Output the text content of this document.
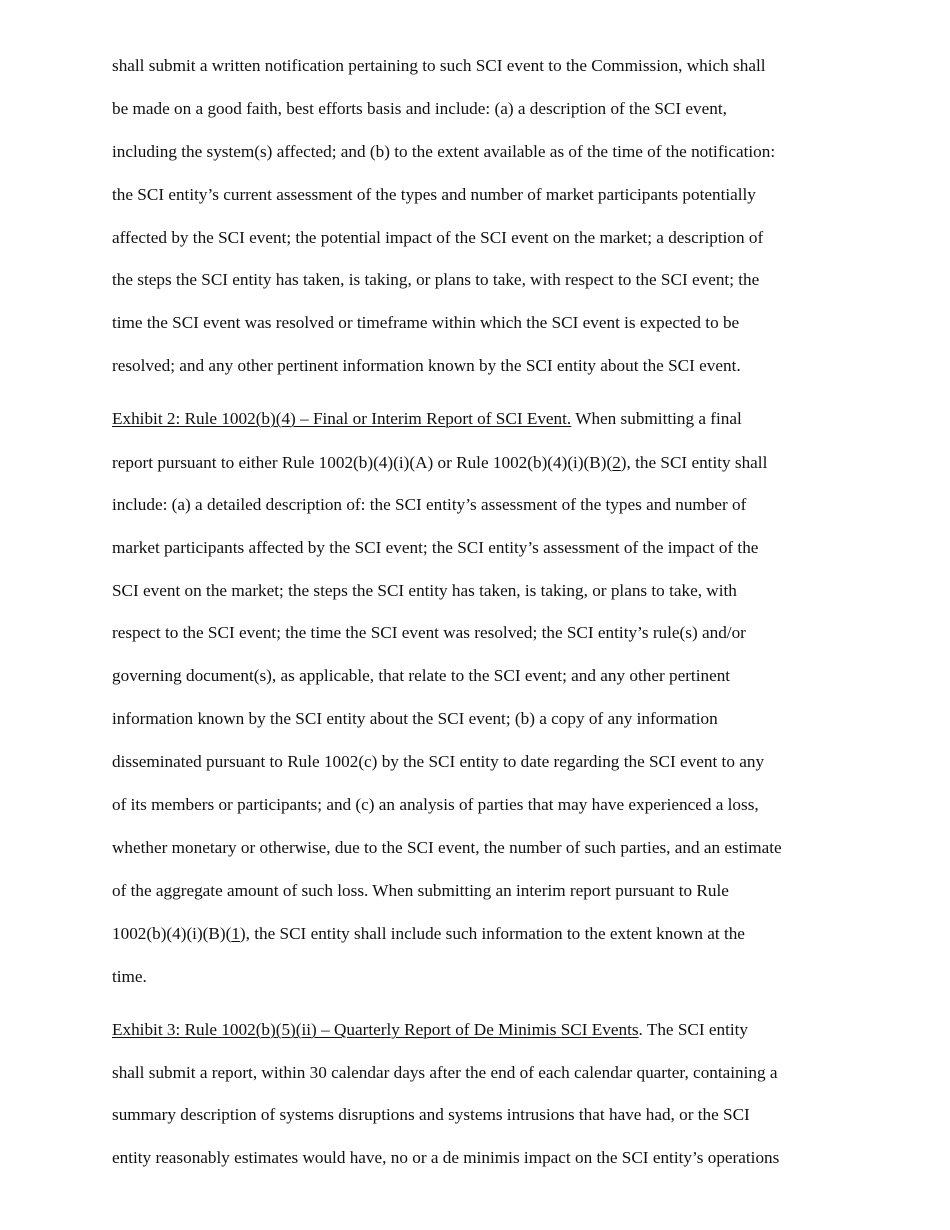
shall submit a written notification pertaining to such SCI event to the Commission, which shall
be made on a good faith, best efforts basis and include: (a) a description of the SCI event,
including the system(s) affected; and (b) to the extent available as of the time of the notification:
the SCI entity’s current assessment of the types and number of market participants potentially
affected by the SCI event; the potential impact of the SCI event on the market; a description of
the steps the SCI entity has taken, is taking, or plans to take, with respect to the SCI event; the
time the SCI event was resolved or timeframe within which the SCI event is expected to be
resolved; and any other pertinent information known by the SCI entity about the SCI event.
Exhibit 2: Rule 1002(b)(4) – Final or Interim Report of SCI Event. When submitting a final
report pursuant to either Rule 1002(b)(4)(i)(A) or Rule 1002(b)(4)(i)(B)(2), the SCI entity shall
include: (a) a detailed description of: the SCI entity’s assessment of the types and number of
market participants affected by the SCI event; the SCI entity’s assessment of the impact of the
SCI event on the market; the steps the SCI entity has taken, is taking, or plans to take, with
respect to the SCI event; the time the SCI event was resolved; the SCI entity’s rule(s) and/or
governing document(s), as applicable, that relate to the SCI event; and any other pertinent
information known by the SCI entity about the SCI event; (b) a copy of any information
disseminated pursuant to Rule 1002(c) by the SCI entity to date regarding the SCI event to any
of its members or participants; and (c) an analysis of parties that may have experienced a loss,
whether monetary or otherwise, due to the SCI event, the number of such parties, and an estimate
of the aggregate amount of such loss. When submitting an interim report pursuant to Rule
1002(b)(4)(i)(B)(1), the SCI entity shall include such information to the extent known at the
time.
Exhibit 3: Rule 1002(b)(5)(ii) – Quarterly Report of De Minimis SCI Events. The SCI entity
shall submit a report, within 30 calendar days after the end of each calendar quarter, containing a
summary description of systems disruptions and systems intrusions that have had, or the SCI
entity reasonably estimates would have, no or a de minimis impact on the SCI entity’s operations
